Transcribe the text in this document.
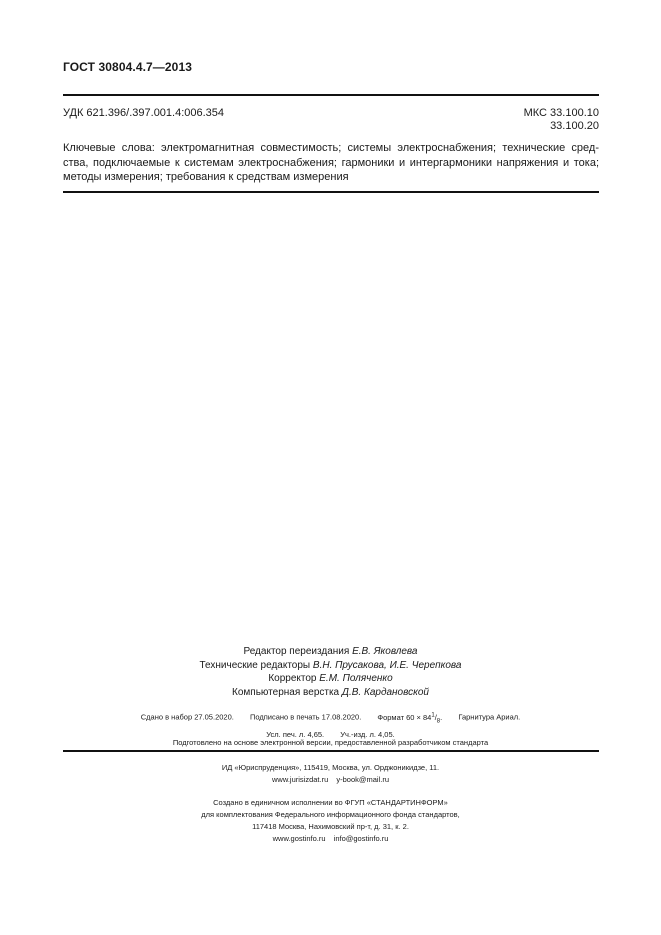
ГОСТ 30804.4.7—2013
УДК 621.396/.397.001.4:006.354	МКС 33.100.10
33.100.20
Ключевые слова: электромагнитная совместимость; системы электроснабжения; технические сред-
ства, подключаемые к системам электроснабжения; гармоники и интергармоники напряжения и тока;
методы измерения; требования к средствам измерения
Редактор переиздания Е.В. Яковлева
Технические редакторы В.Н. Прусакова, И.Е. Черепкова
Корректор Е.М. Поляченко
Компьютерная верстка Д.В. Кардановской
Сдано в набор 27.05.2020. Подписано в печать 17.08.2020. Формат $60 \times 84^1/_8$. Гарнитура Ариал.
Усл. печ. л. 4,65. Уч.-изд. л. 4,05.
Подготовлено на основе электронной версии, предоставленной разработчиком стандарта
ИД «Юриспруденция», 115419, Москва, ул. Орджоникидзе, 11.
www.jurisizdat.ru y-book@mail.ru
Создано в единичном исполнении во ФГУП «СТАНДАРТИНФОРМ»
для комплектования Федерального информационного фонда стандартов,
117418 Москва, Нахимовский пр-т, д. 31, к. 2.
www.gostinfo.ru info@gostinfo.ru
